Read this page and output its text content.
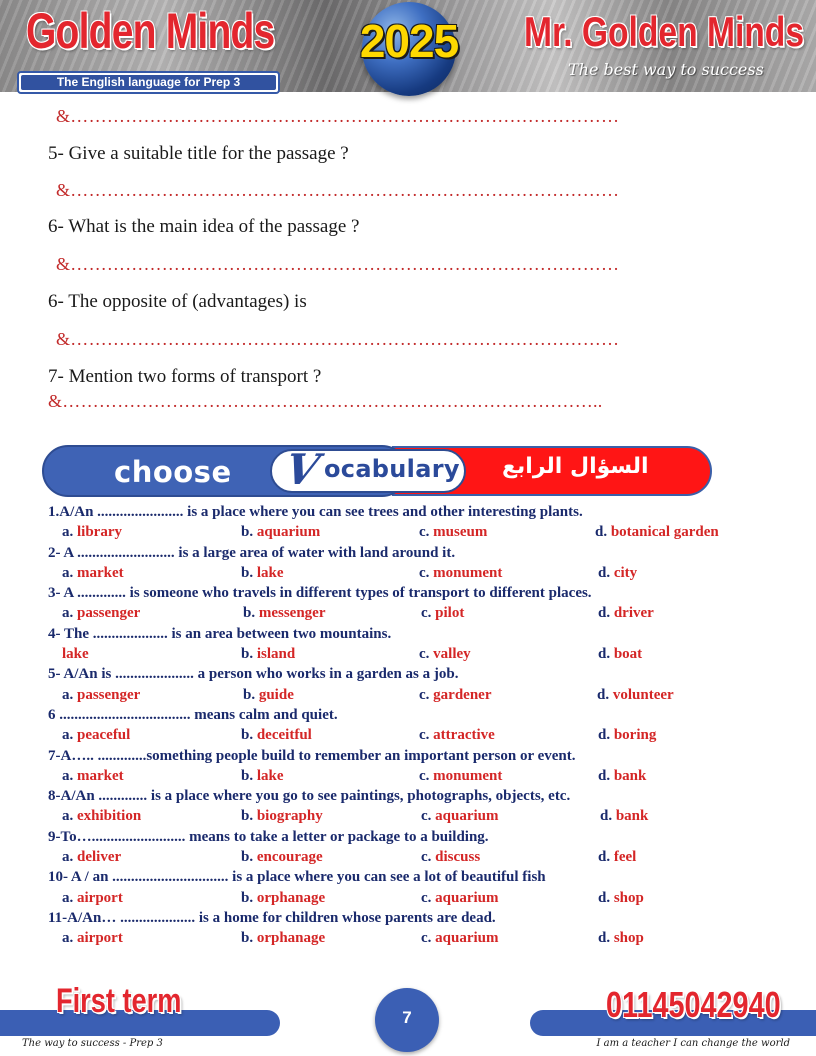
Golden Minds 2025 Mr. Golden Minds
The best way to success
The English language for Prep 3
&………………………………………………………………………………
5- Give a suitable title for the passage ?
&………………………………………………………………………………
6- What is the main idea of the passage ?
&………………………………………………………………………………
6- The opposite of (advantages) is
&………………………………………………………………………………
7- Mention two forms of transport ?
&……………………………………………………………………………..
السؤال الرابع
choose V ocabulary
1.A/An ....................... is a place where you can see trees and other interesting plants.
a. library	b. aquarium	c. museum	d. botanical garden
2- A .......................... is a large area of water with land around it.
a. market	b. lake	c. monument	d. city
3- A ............. is someone who travels in different types of transport to different places.
a. passenger	b. messenger	c. pilot	d. driver
4- The .................... is an area between two mountains.
lake	b. island	c. valley	d. boat
5- A/An is ..................... a person who works in a garden as a job.
a. passenger	b. guide	c. gardener	d. volunteer
6 ................................... means calm and quiet.
a. peaceful	b. deceitful	c. attractive	d. boring
7-A….. .............something people build to remember an important person or event.
a. market	b. lake	c. monument	d. bank
8-A/An ............. is a place where you go to see paintings, photographs, objects, etc.
a. exhibition	b. biography	c. aquarium	d. bank
9-To…......................... means to take a letter or package to a building.
a. deliver	b. encourage	c. discuss	d. feel
10- A / an ............................... is a place where you can see a lot of beautiful fish
a. airport	b. orphanage	c. aquarium	d. shop
11-A/An… .................... is a home for children whose parents are dead.
a. airport	b. orphanage	c. aquarium	d. shop
First term	01145042940
7
The way to success - Prep 3	I am a teacher I can change the world
